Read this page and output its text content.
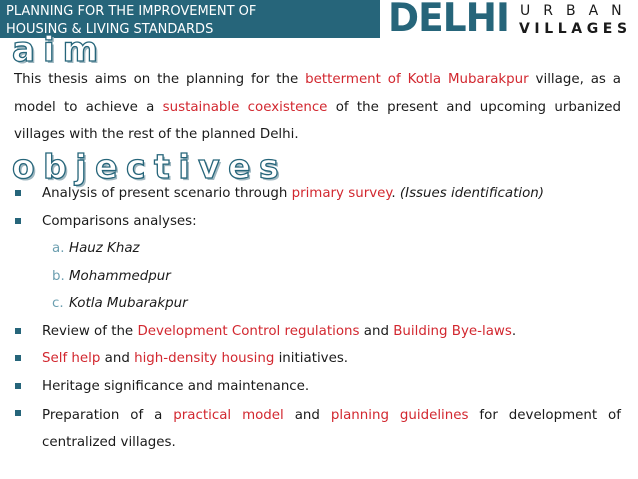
PLANNING FOR THE IMPROVEMENT OF
HOUSING & LIVING STANDARDS	DELHI URBAN
VILLAGES
aim
This thesis aims on the planning for the betterment of Kotla Mubarakpur village, as a model to achieve a sustainable coexistence of the present and upcoming urbanized villages with the rest of the planned Delhi.
objectives
Analysis of present scenario through primary survey. (Issues identification)
Comparisons analyses:
a. Hauz Khaz
b. Mohammedpur
c. Kotla Mubarakpur
Review of the Development Control regulations and Building Bye-laws.
Self help and high-density housing initiatives.
Heritage significance and maintenance.
Preparation of a practical model and planning guidelines for development of centralized villages.
